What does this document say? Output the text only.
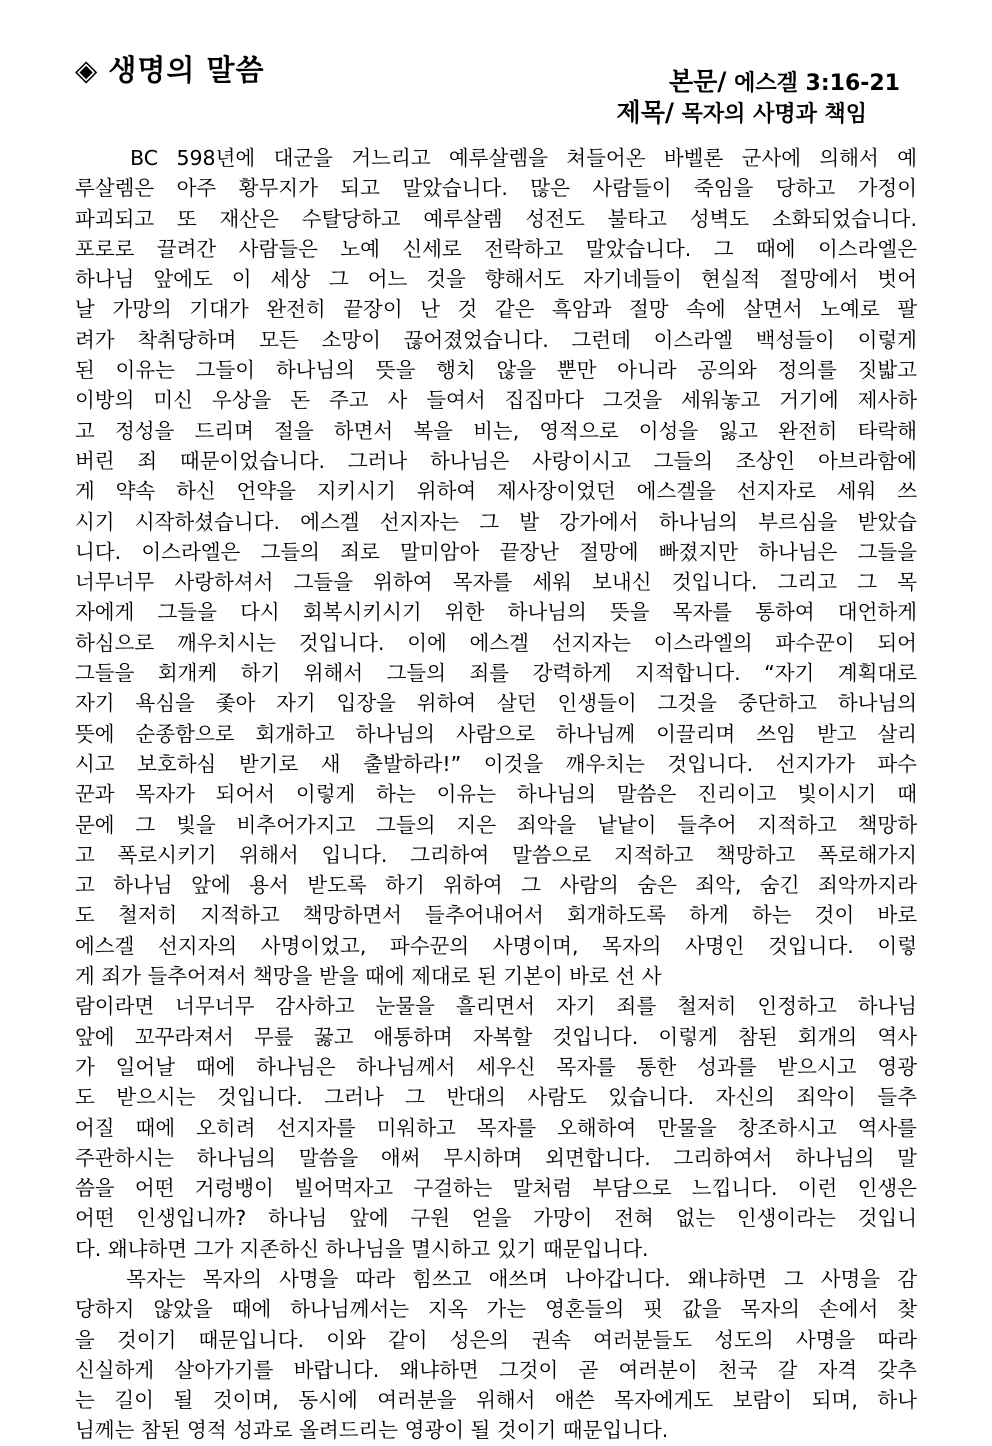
◈ 생명의 말씀	본문/ 에스겔 3:16-21
제목/ 목자의 사명과 책임
BC 598년에 대군을 거느리고 예루살렘을 쳐들어온 바벨론 군사에 의해서 예
루살렘은 아주 황무지가 되고 말았습니다. 많은 사람들이 죽임을 당하고 가정이
파괴되고 또 재산은 수탈당하고 예루살렘 성전도 불타고 성벽도 소화되었습니다.
포로로 끌려간 사람들은 노예 신세로 전락하고 말았습니다. 그 때에 이스라엘은
하나님 앞에도 이 세상 그 어느 것을 향해서도 자기네들이 현실적 절망에서 벗어
날 가망의 기대가 완전히 끝장이 난 것 같은 흑암과 절망 속에 살면서 노예로 팔
려가 착취당하며 모든 소망이 끊어졌었습니다. 그런데 이스라엘 백성들이 이렇게
된 이유는 그들이 하나님의 뜻을 행치 않을 뿐만 아니라 공의와 정의를 짓밟고
이방의 미신 우상을 돈 주고 사 들여서 집집마다 그것을 세워놓고 거기에 제사하
고 정성을 드리며 절을 하면서 복을 비는, 영적으로 이성을 잃고 완전히 타락해
버린 죄 때문이었습니다. 그러나 하나님은 사랑이시고 그들의 조상인 아브라함에
게 약속 하신 언약을 지키시기 위하여 제사장이었던 에스겔을 선지자로 세워 쓰
시기 시작하셨습니다. 에스겔 선지자는 그 발 강가에서 하나님의 부르심을 받았습
니다. 이스라엘은 그들의 죄로 말미암아 끝장난 절망에 빠졌지만 하나님은 그들을
너무너무 사랑하셔서 그들을 위하여 목자를 세워 보내신 것입니다. 그리고 그 목
자에게 그들을 다시 회복시키시기 위한 하나님의 뜻을 목자를 통하여 대언하게
하심으로 깨우치시는 것입니다. 이에 에스겔 선지자는 이스라엘의 파수꾼이 되어
그들을 회개케 하기 위해서 그들의 죄를 강력하게 지적합니다. “자기 계획대로
자기 욕심을 좇아 자기 입장을 위하여 살던 인생들이 그것을 중단하고 하나님의
뜻에 순종함으로 회개하고 하나님의 사람으로 하나님께 이끌리며 쓰임 받고 살리
시고 보호하심 받기로 새 출발하라!” 이것을 깨우치는 것입니다. 선지가가 파수
꾼과 목자가 되어서 이렇게 하는 이유는 하나님의 말씀은 진리이고 빛이시기 때
문에 그 빛을 비추어가지고 그들의 지은 죄악을 낱낱이 들추어 지적하고 책망하
고 폭로시키기 위해서 입니다. 그리하여 말씀으로 지적하고 책망하고 폭로해가지
고 하나님 앞에 용서 받도록 하기 위하여 그 사람의 숨은 죄악, 숨긴 죄악까지라
도 철저히 지적하고 책망하면서 들추어내어서 회개하도록 하게 하는 것이 바로
에스겔 선지자의 사명이었고, 파수꾼의 사명이며, 목자의 사명인 것입니다. 이렇
게 죄가 들추어져서 책망을 받을 때에 제대로 된 기본이 바로 선 사
람이라면 너무너무 감사하고 눈물을 흘리면서 자기 죄를 철저히 인정하고 하나님
앞에 꼬꾸라져서 무릎 꿇고 애통하며 자복할 것입니다. 이렇게 참된 회개의 역사
가 일어날 때에 하나님은 하나님께서 세우신 목자를 통한 성과를 받으시고 영광
도 받으시는 것입니다. 그러나 그 반대의 사람도 있습니다. 자신의 죄악이 들추
어질 때에 오히려 선지자를 미워하고 목자를 오해하여 만물을 창조하시고 역사를
주관하시는 하나님의 말씀을 애써 무시하며 외면합니다. 그리하여서 하나님의 말
씀을 어떤 거렁뱅이 빌어먹자고 구걸하는 말처럼 부담으로 느낍니다. 이런 인생은
어떤 인생입니까? 하나님 앞에 구원 얻을 가망이 전혀 없는 인생이라는 것입니
다. 왜냐하면 그가 지존하신 하나님을 멸시하고 있기 때문입니다.
목자는 목자의 사명을 따라 힘쓰고 애쓰며 나아갑니다. 왜냐하면 그 사명을 감
당하지 않았을 때에 하나님께서는 지옥 가는 영혼들의 핏 값을 목자의 손에서 찾
을 것이기 때문입니다. 이와 같이 성은의 권속 여러분들도 성도의 사명을 따라
신실하게 살아가기를 바랍니다. 왜냐하면 그것이 곧 여러분이 천국 갈 자격 갖추
는 길이 될 것이며, 동시에 여러분을 위해서 애쓴 목자에게도 보람이 되며, 하나
님께는 참된 영적 성과로 올려드리는 영광이 될 것이기 때문입니다.
